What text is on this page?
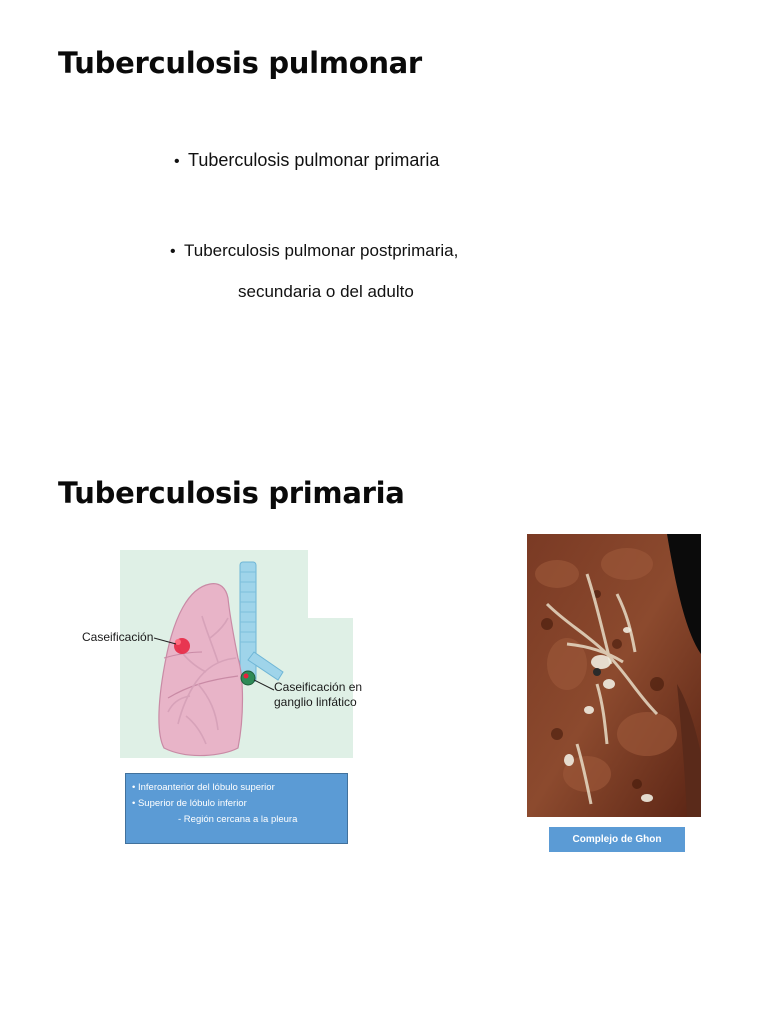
Tuberculosis pulmonar
• Tuberculosis pulmonar primaria
• Tuberculosis pulmonar postprimaria,
secundaria o del adulto
Tuberculosis primaria
Caseificación
Caseificación en ganglio linfático
• Inferoanterior del lóbulo superior
• Superior de lóbulo inferior
- Región cercana a la pleura
Complejo de Ghon
